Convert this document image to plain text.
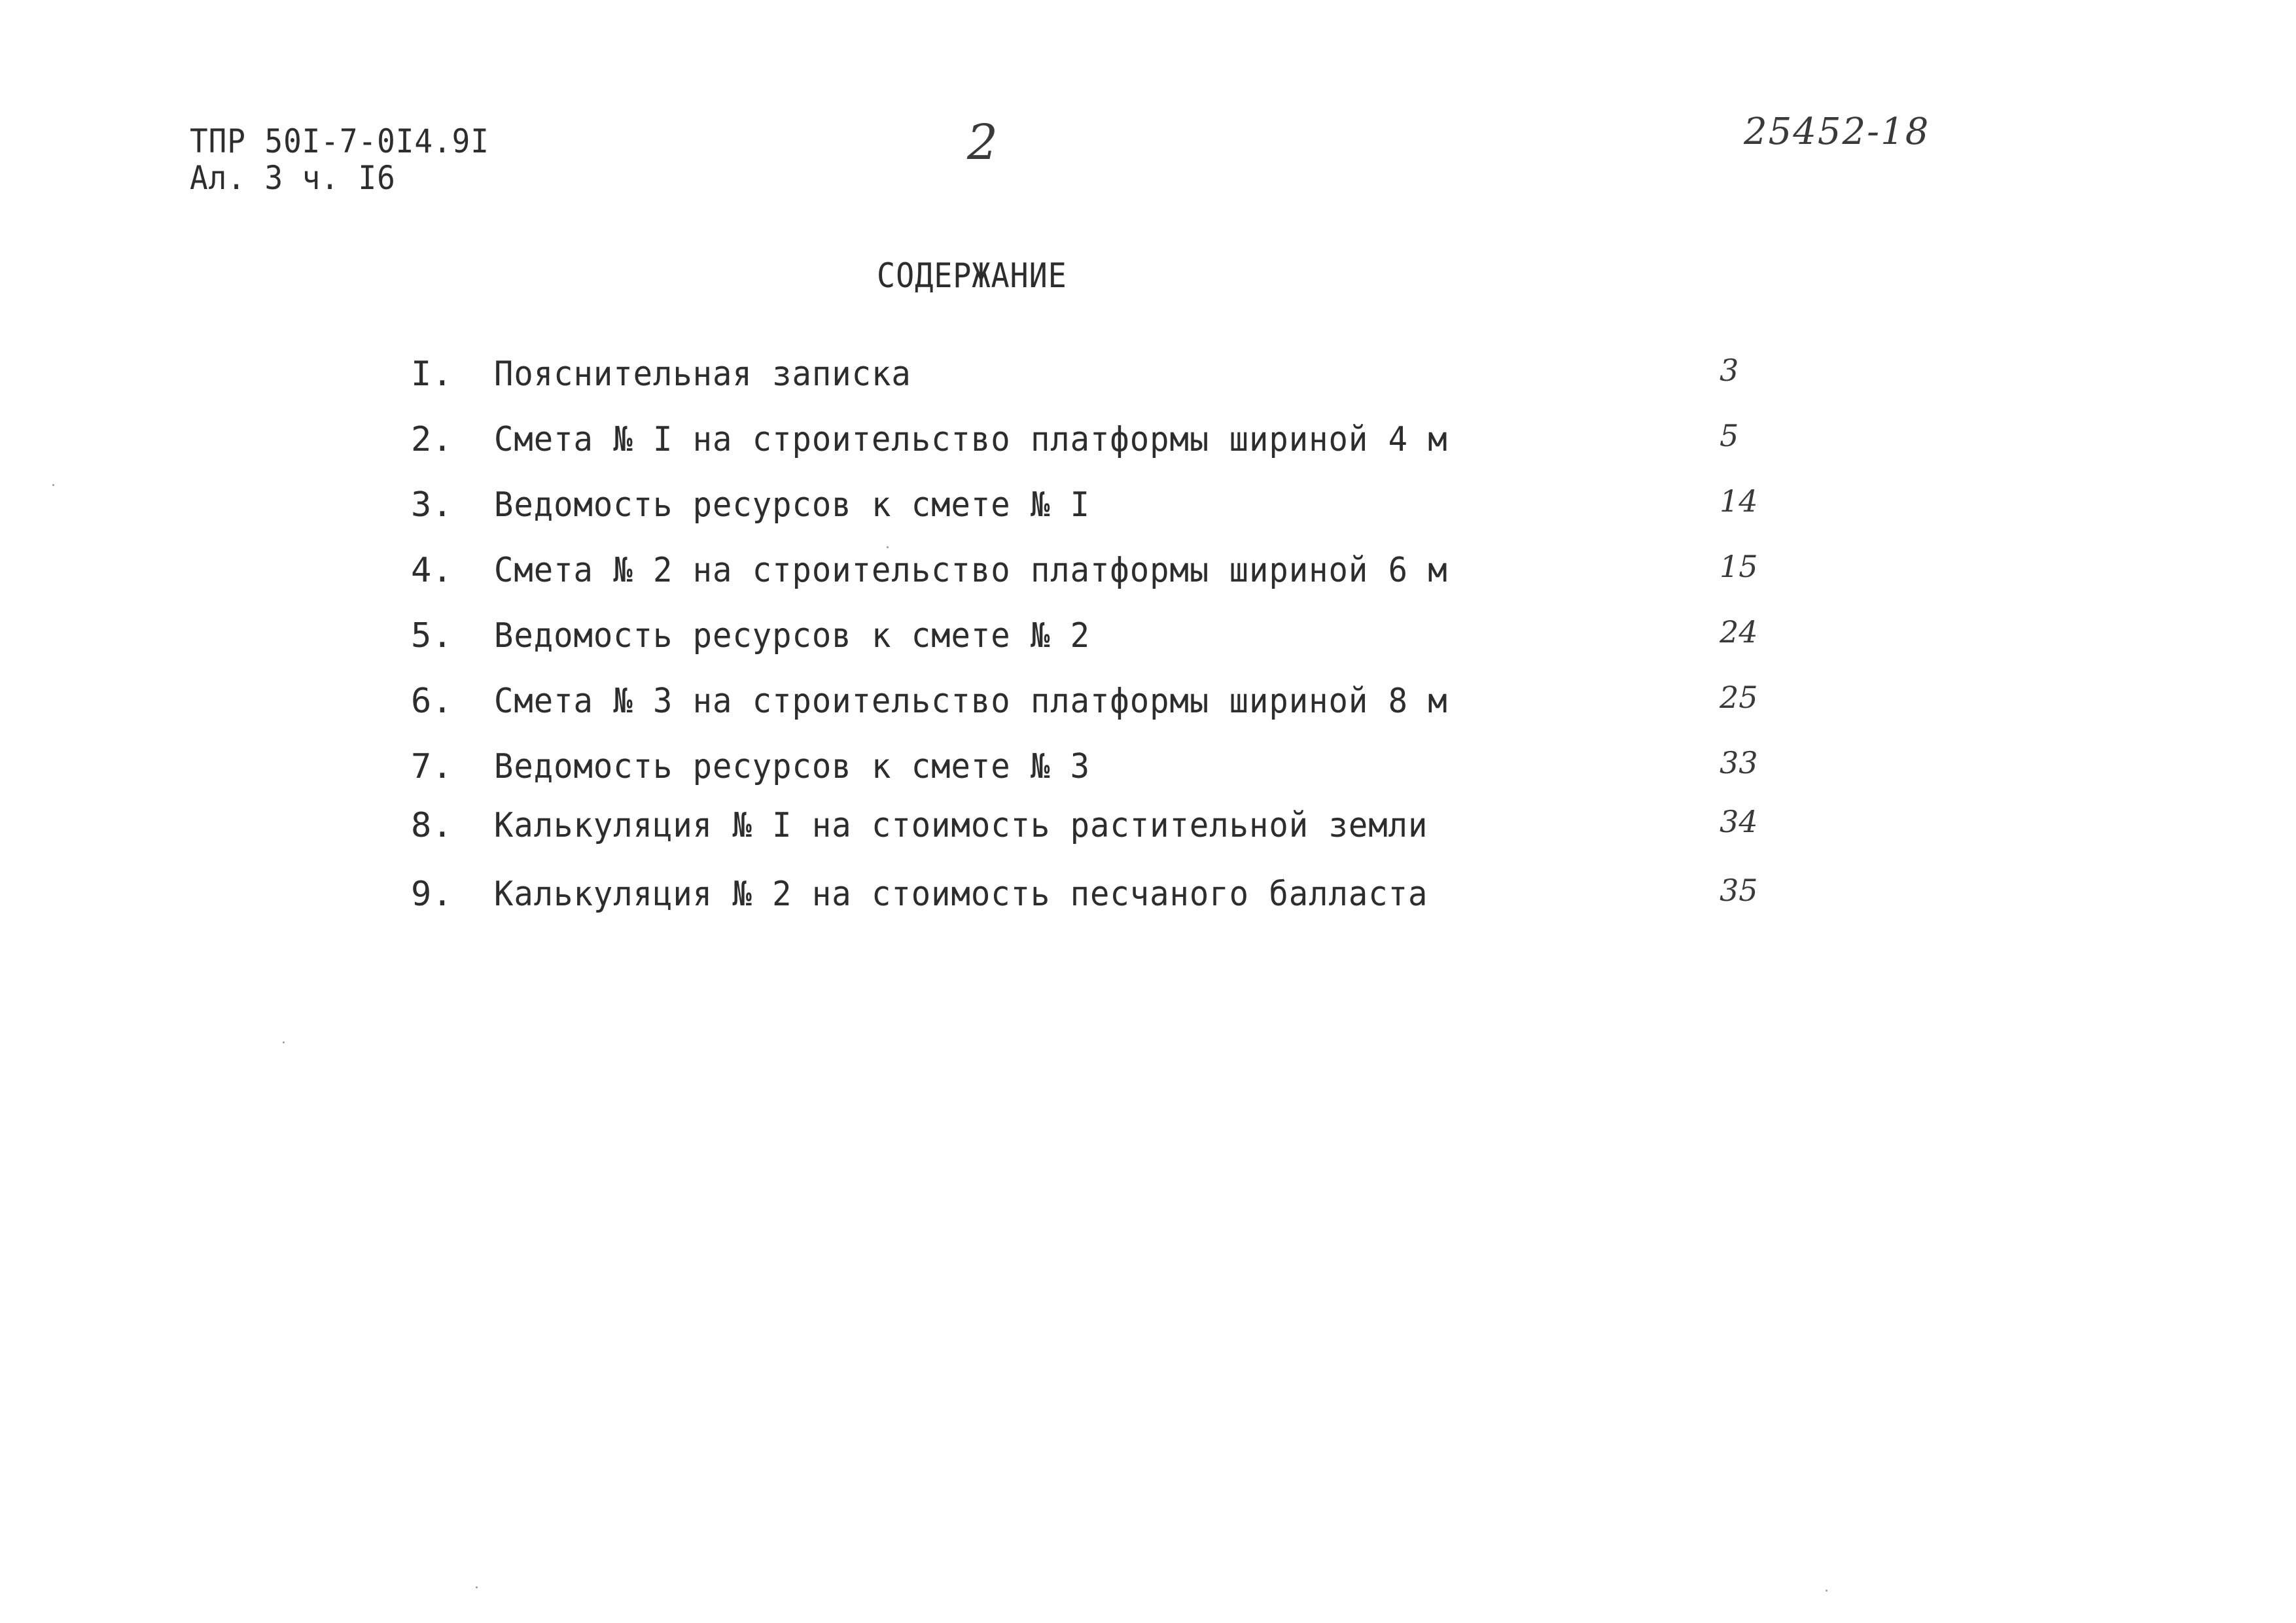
ТПР 50I-7-0I4.9I
Ал. 3 ч. I6
2	25452-18
СОДЕРЖАНИЕ
I. Пояснительная записка	3
2. Смета № I на строительство платформы шириной 4 м	5
3. Ведомость ресурсов к смете № I	14
4. Смета № 2 на строительство платформы шириной 6 м	15
5. Ведомость ресурсов к смете № 2	24
6. Смета № 3 на строительство платформы шириной 8 м	25
7. Ведомость ресурсов к смете № 3	33
8. Калькуляция № I на стоимость растительной земли	34
9. Калькуляция № 2 на стоимость песчаного балласта	35
